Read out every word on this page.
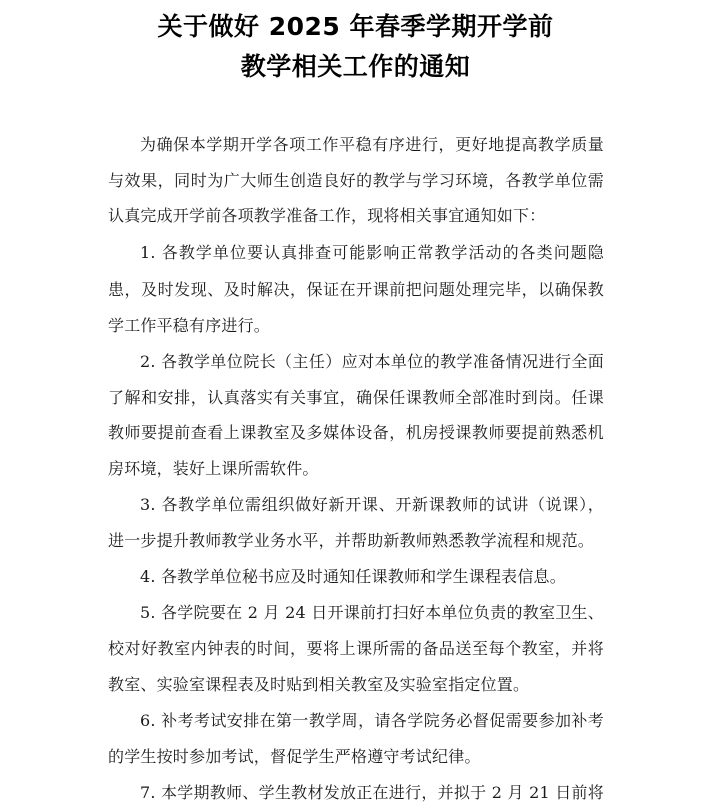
关于做好 2025 年春季学期开学前
教学相关工作的通知
为确保本学期开学各项工作平稳有序进行，更好地提高教学质量
与效果，同时为广大师生创造良好的教学与学习环境，各教学单位需
认真完成开学前各项教学准备工作，现将相关事宜通知如下：
1. 各教学单位要认真排查可能影响正常教学活动的各类问题隐
患，及时发现、及时解决，保证在开课前把问题处理完毕，以确保教
学工作平稳有序进行。
2. 各教学单位院长（主任）应对本单位的教学准备情况进行全面
了解和安排，认真落实有关事宜，确保任课教师全部准时到岗。任课
教师要提前查看上课教室及多媒体设备，机房授课教师要提前熟悉机
房环境，装好上课所需软件。
3. 各教学单位需组织做好新开课、开新课教师的试讲（说课），
进一步提升教师教学业务水平，并帮助新教师熟悉教学流程和规范。
4. 各教学单位秘书应及时通知任课教师和学生课程表信息。
5. 各学院要在 2 月 24 日开课前打扫好本单位负责的教室卫生、
校对好教室内钟表的时间，要将上课所需的备品送至每个教室，并将
教室、实验室课程表及时贴到相关教室及实验室指定位置。
6. 补考考试安排在第一教学周，请各学院务必督促需要参加补考
的学生按时参加考试，督促学生严格遵守考试纪律。
7. 本学期教师、学生教材发放正在进行，并拟于 2 月 21 日前将
